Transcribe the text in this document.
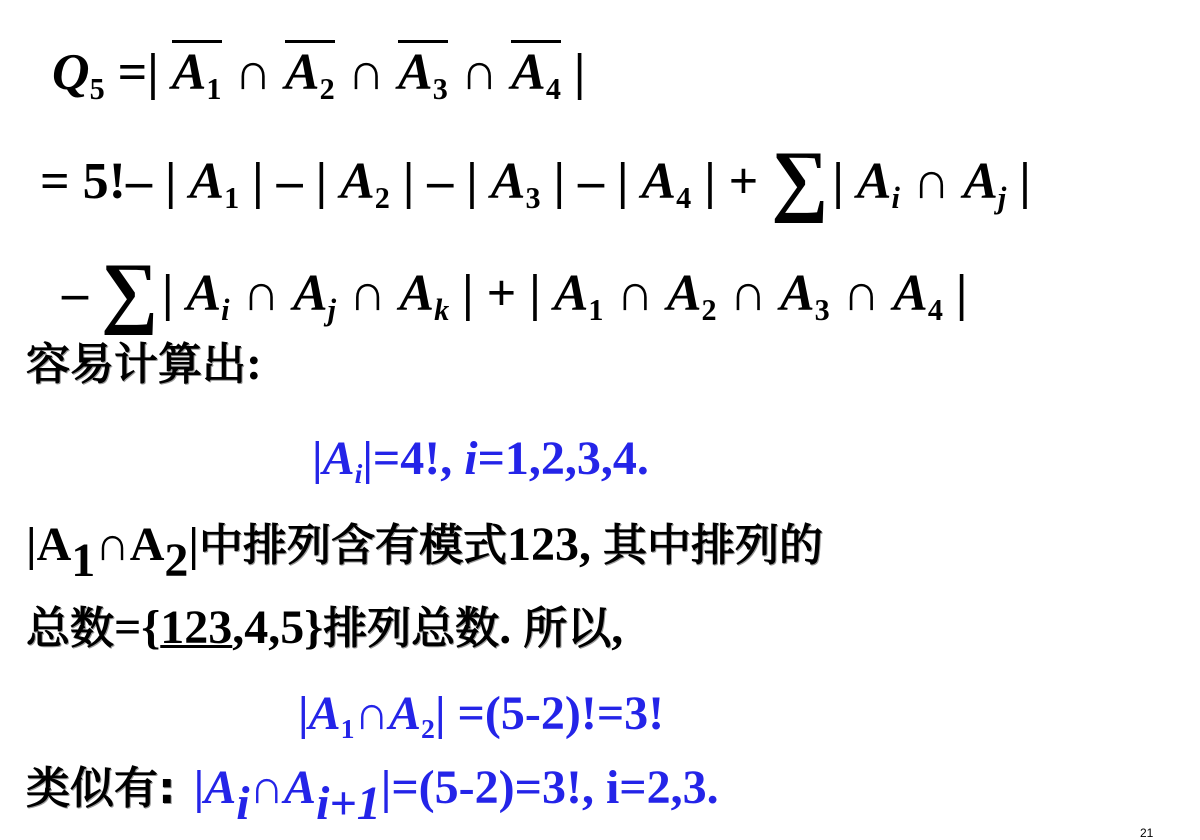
Q5 =| A1 ∩ A2 ∩ A3 ∩ A4 |
= 5!– | A1 | – | A2 | – | A3 | – | A4 | + ∑| Ai ∩ Aj |
– ∑| Ai ∩ Aj ∩ Ak | + | A1 ∩ A2 ∩ A3 ∩ A4 |
容易计算出:
|Ai|=4!, i=1,2,3,4.
|A1∩A2|中排列含有模式123, 其中排列的
总数={123,4,5}排列总数. 所以,
|A1∩A2| =(5-2)!=3!
类似有: |Ai∩Ai+1|=(5-2)=3!, i=2,3.
21
